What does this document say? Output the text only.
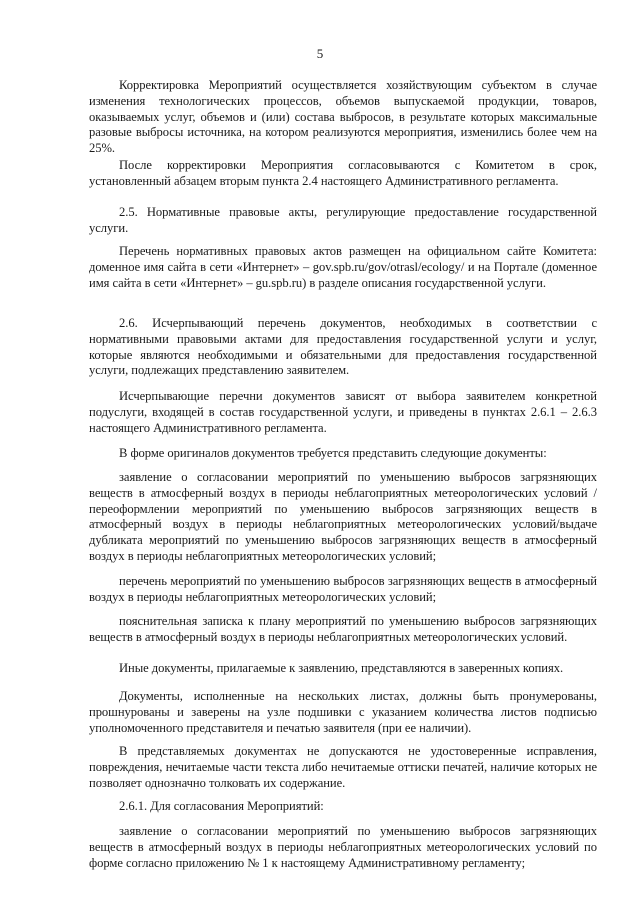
5

Корректировка Мероприятий осуществляется хозяйствующим субъектом в случае изменения технологических процессов, объемов выпускаемой продукции, товаров, оказываемых услуг, объемов и (или) состава выбросов, в результате которых максимальные разовые выбросы источника, на котором реализуются мероприятия, изменились более чем на 25%.

После корректировки Мероприятия согласовываются с Комитетом в срок, установленный абзацем вторым пункта 2.4 настоящего Административного регламента.

2.5. Нормативные правовые акты, регулирующие предоставление государственной услуги.

Перечень нормативных правовых актов размещен на официальном сайте Комитета: доменное имя сайта в сети «Интернет» – gov.spb.ru/gov/otrasl/ecology/ и на Портале (доменное имя сайта в сети «Интернет» – gu.spb.ru) в разделе описания государственной услуги.

2.6. Исчерпывающий перечень документов, необходимых в соответствии с нормативными правовыми актами для предоставления государственной услуги и услуг, которые являются необходимыми и обязательными для предоставления государственной услуги, подлежащих представлению заявителем.

Исчерпывающие перечни документов зависят от выбора заявителем конкретной подуслуги, входящей в состав государственной услуги, и приведены в пунктах 2.6.1 – 2.6.3 настоящего Административного регламента.

В форме оригиналов документов требуется представить следующие документы:

заявление о согласовании мероприятий по уменьшению выбросов загрязняющих веществ в атмосферный воздух в периоды неблагоприятных метеорологических условий /переоформлении мероприятий по уменьшению выбросов загрязняющих веществ в атмосферный воздух в периоды неблагоприятных метеорологических условий/выдаче дубликата мероприятий по уменьшению выбросов загрязняющих веществ в атмосферный воздух в периоды неблагоприятных метеорологических условий;

перечень мероприятий по уменьшению выбросов загрязняющих веществ в атмосферный воздух в периоды неблагоприятных метеорологических условий;

пояснительная записка к плану мероприятий по уменьшению выбросов загрязняющих веществ в атмосферный воздух в периоды неблагоприятных метеорологических условий.

Иные документы, прилагаемые к заявлению, представляются в заверенных копиях.

Документы, исполненные на нескольких листах, должны быть пронумерованы, прошнурованы и заверены на узле подшивки с указанием количества листов подписью уполномоченного представителя и печатью заявителя (при ее наличии).

В представляемых документах не допускаются не удостоверенные исправления, повреждения, нечитаемые части текста либо нечитаемые оттиски печатей, наличие которых не позволяет однозначно толковать их содержание.

2.6.1. Для согласования Мероприятий:

заявление о согласовании мероприятий по уменьшению выбросов загрязняющих веществ в атмосферный воздух в периоды неблагоприятных метеорологических условий по форме согласно приложению № 1 к настоящему Административному регламенту;
